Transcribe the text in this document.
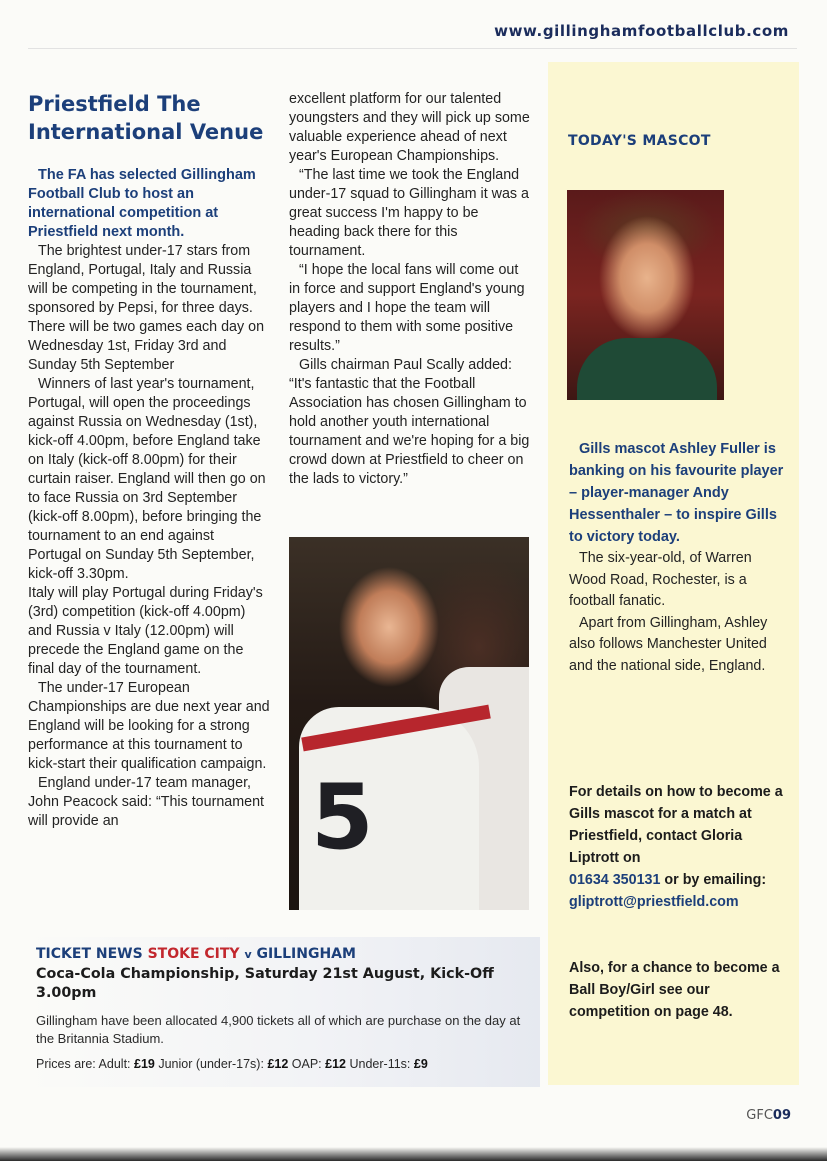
www.gillinghamfootballclub.com
Priestfield The
International Venue

The FA has selected Gillingham Football Club to host an international competition at Priestfield next month.

The brightest under-17 stars from England, Portugal, Italy and Russia will be competing in the tournament, sponsored by Pepsi, for three days. There will be two games each day on Wednesday 1st, Friday 3rd and Sunday 5th September

Winners of last year's tournament, Portugal, will open the proceedings against Russia on Wednesday (1st), kick-off 4.00pm, before England take on Italy (kick-off 8.00pm) for their curtain raiser. England will then go on to face Russia on 3rd September (kick-off 8.00pm), before bringing the tournament to an end against Portugal on Sunday 5th September, kick-off 3.30pm.

Italy will play Portugal during Friday's (3rd) competition (kick-off 4.00pm) and Russia v Italy (12.00pm) will precede the England game on the final day of the tournament.

The under-17 European Championships are due next year and England will be looking for a strong performance at this tournament to kick-start their qualification campaign.

England under-17 team manager, John Peacock said: “This tournament will provide an

excellent platform for our talented youngsters and they will pick up some valuable experience ahead of next year's European Championships.

“The last time we took the England under-17 squad to Gillingham it was a great success I'm happy to be heading back there for this tournament.

“I hope the local fans will come out in force and support England's young players and I hope the team will respond to them with some positive results.”

Gills chairman Paul Scally added: “It's fantastic that the Football Association has chosen Gillingham to hold another youth international tournament and we're hoping for a big crowd down at Priestfield to cheer on the lads to victory.”

5
TODAY'S MASCOT

Gills mascot Ashley Fuller is banking on his favourite player – player-manager Andy Hessenthaler – to inspire Gills to victory today.

The six-year-old, of Warren Wood Road, Rochester, is a football fanatic.

Apart from Gillingham, Ashley also follows Manchester United and the national side, England.

For details on how to become a Gills mascot for a match at Priestfield, contact Gloria Liptrott on
01634 350131 or by emailing:
gliptrott@priestfield.com
Also, for a chance to become a Ball Boy/Girl see our competition on page 48.
TICKET NEWS STOKE CITY v GILLINGHAM
Coca-Cola Championship, Saturday 21st August, Kick-Off 3.00pm
Gillingham have been allocated 4,900 tickets all of which are purchase on the day at the Britannia Stadium.
Prices are: Adult: £19 Junior (under-17s): £12 OAP: £12 Under-11s: £9
GFC09
